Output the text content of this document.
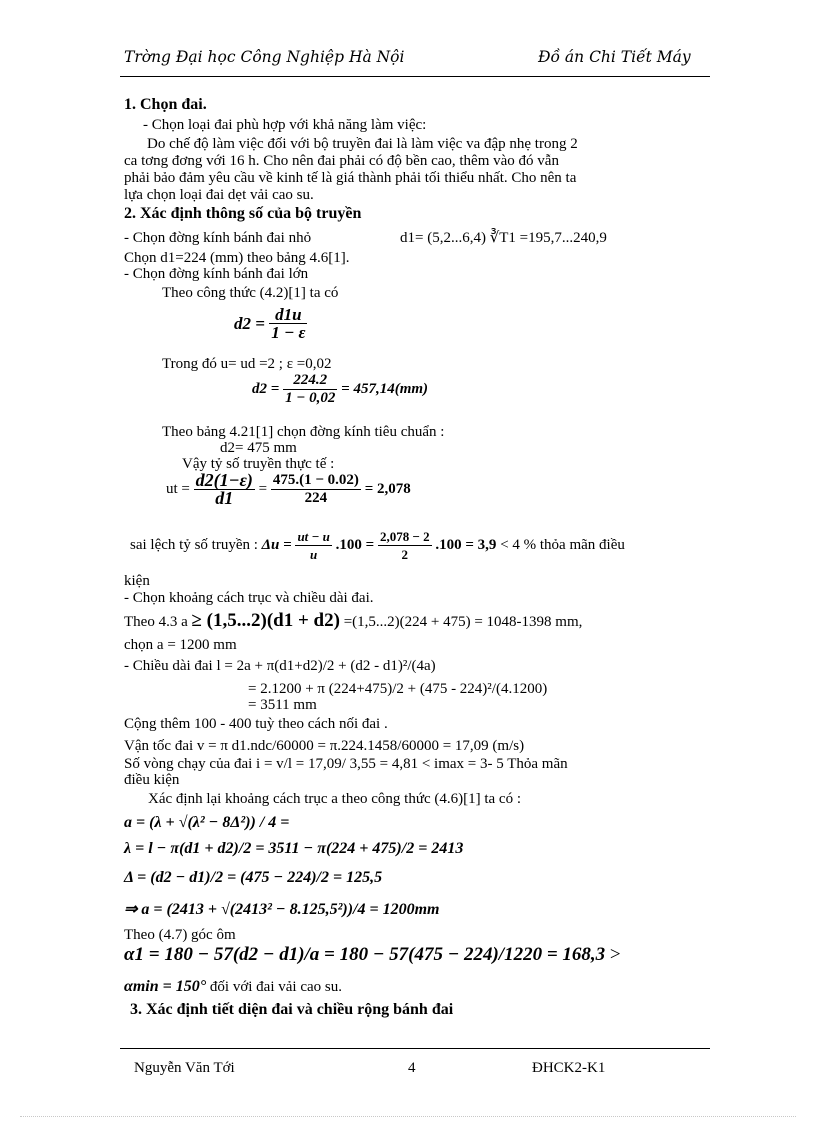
Trờng Đại học Công Nghiệp Hà Nội	Đồ án Chi Tiết Máy
1. Chọn đai.
- Chọn loại đai phù hợp với khả năng làm việc:
Do chế độ làm việc đối với bộ truyền đai là làm việc va đập nhẹ trong 2
ca tơng đơng với 16 h. Cho nên đai phải có độ bền cao, thêm vào đó vẫn
phải bảo đảm yêu cầu về kinh tế là giá thành phải tối thiểu nhất. Cho nên ta
lựa chọn loại đai dẹt vải cao su.
2. Xác định thông số của bộ truyền
- Chọn đờng kính bánh đai nhỏ	d1= (5,2...6,4) ∛T1 =195,7...240,9
Chọn d1=224 (mm) theo bảng 4.6[1].
- Chọn đờng kính bánh đai lớn
Theo công thức (4.2)[1] ta có
$d2 = \frac{d1u}{1 - \varepsilon}$
Trong đó u= ud =2 ; ε =0,02
$d2 = \frac{224.2}{1 - 0,02} = 457,14(mm)$
Theo bảng 4.21[1] chọn đờng kính tiêu chuẩn :
d2= 475 mm
Vậy tỷ số truyền thực tế :
ut = $\frac{d2(1-\varepsilon)}{d1} = \frac{475.(1 - 0.02)}{224} = 2,078$
sai lệch tỷ số truyền : $\Delta u = \frac{ut - u}{u} .100 = \frac{2,078 - 2}{2} .100 = 3,9 < 4$ % thỏa mãn điều
kiện
- Chọn khoảng cách trục và chiều dài đai.
Theo 4.3 a ≥ (1,5...2)(d1 + d2) =(1,5...2)(224 + 475) = 1048-1398 mm,
chọn a = 1200 mm
- Chiều dài đai l = 2a + π(d1+d2)/2 + (d2 - d1)²/(4a)
= 2.1200 + π (224+475)/2 + (475 - 224)²/(4.1200)
= 3511 mm
Cộng thêm 100 - 400 tuỳ theo cách nối đai .
Vận tốc đai v = π d1.ndc/60000 = π.224.1458/60000 = 17,09 (m/s)
Số vòng chạy của đai i = v/l = 17,09/ 3,55 = 4,81 < imax = 3- 5 Thỏa mãn
điều kiện
Xác định lại khoảng cách trục a theo công thức (4.6)[1] ta có :
a = (λ + √(λ² − 8Δ²)) / 4 =
λ = l − π(d1 + d2)/2 = 3511 − π(224 + 475)/2 = 2413
Δ = (d2 − d1)/2 = (475 − 224)/2 = 125,5
⇒ a = (2413 + √(2413² − 8.125,5²))/4 = 1200mm
Theo (4.7) góc ôm
α1 = 180 − 57(d2 − d1)/a = 180 − 57(475 − 224)/1220 = 168,3 >
αmin = 150° đối với đai vải cao su.
3. Xác định tiết diện đai và chiều rộng bánh đai
Nguyễn Văn Tới	4	ĐHCK2-K1
